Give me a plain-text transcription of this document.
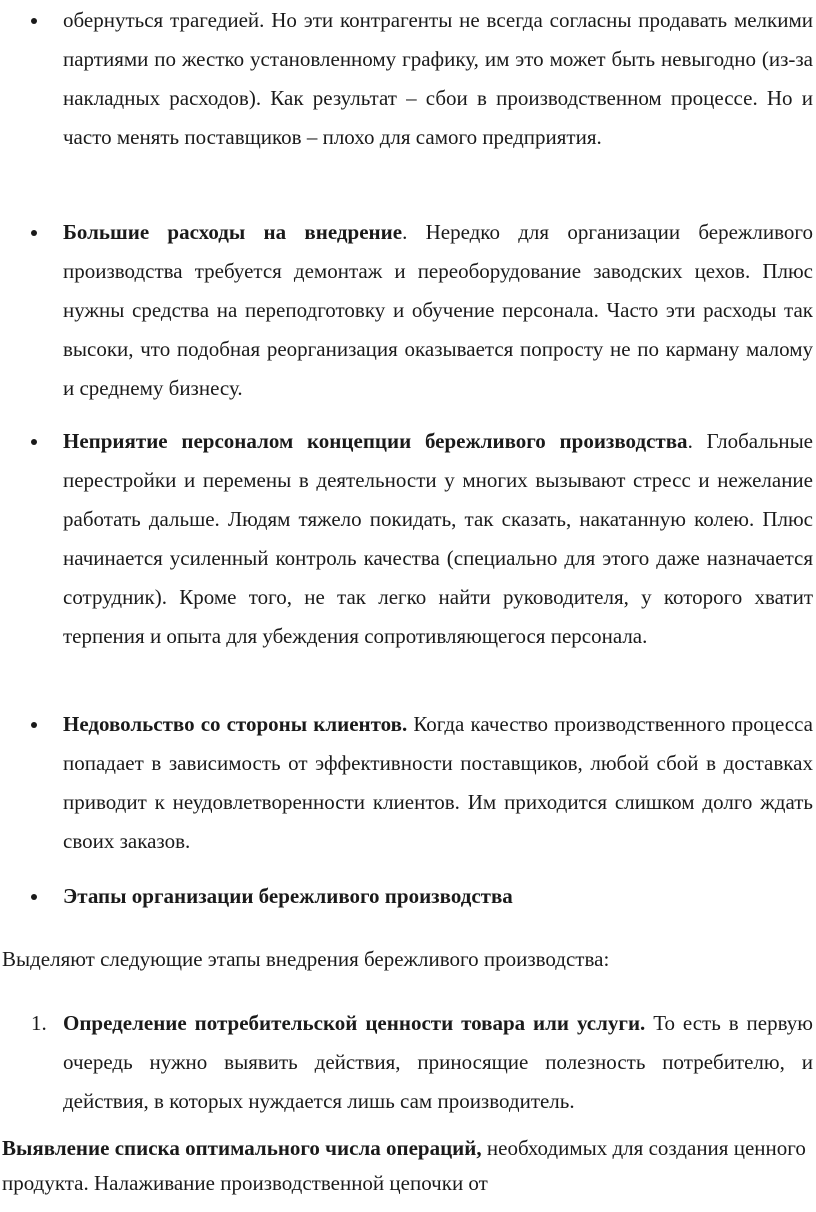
обернуться трагедией. Но эти контрагенты не всегда согласны продавать мелкими партиями по жестко установленному графику, им это может быть невыгодно (из-за накладных расходов). Как результат – сбои в производственном процессе. Но и часто менять поставщиков – плохо для самого предприятия.
Большие расходы на внедрение. Нередко для организации бережливого производства требуется демонтаж и переоборудование заводских цехов. Плюс нужны средства на переподготовку и обучение персонала. Часто эти расходы так высоки, что подобная реорганизация оказывается попросту не по карману малому и среднему бизнесу.
Неприятие персоналом концепции бережливого производства. Глобальные перестройки и перемены в деятельности у многих вызывают стресс и нежелание работать дальше. Людям тяжело покидать, так сказать, накатанную колею. Плюс начинается усиленный контроль качества (специально для этого даже назначается сотрудник). Кроме того, не так легко найти руководителя, у которого хватит терпения и опыта для убеждения сопротивляющегося персонала.
Недовольство со стороны клиентов. Когда качество производственного процесса попадает в зависимость от эффективности поставщиков, любой сбой в доставках приводит к неудовлетворенности клиентов. Им приходится слишком долго ждать своих заказов.
Этапы организации бережливого производства
Выделяют следующие этапы внедрения бережливого производства:
1. Определение потребительской ценности товара или услуги. То есть в первую очередь нужно выявить действия, приносящие полезность потребителю, и действия, в которых нуждается лишь сам производитель.
Выявление списка оптимального числа операций, необходимых для создания ценного продукта. Налаживание производственной цепочки от
